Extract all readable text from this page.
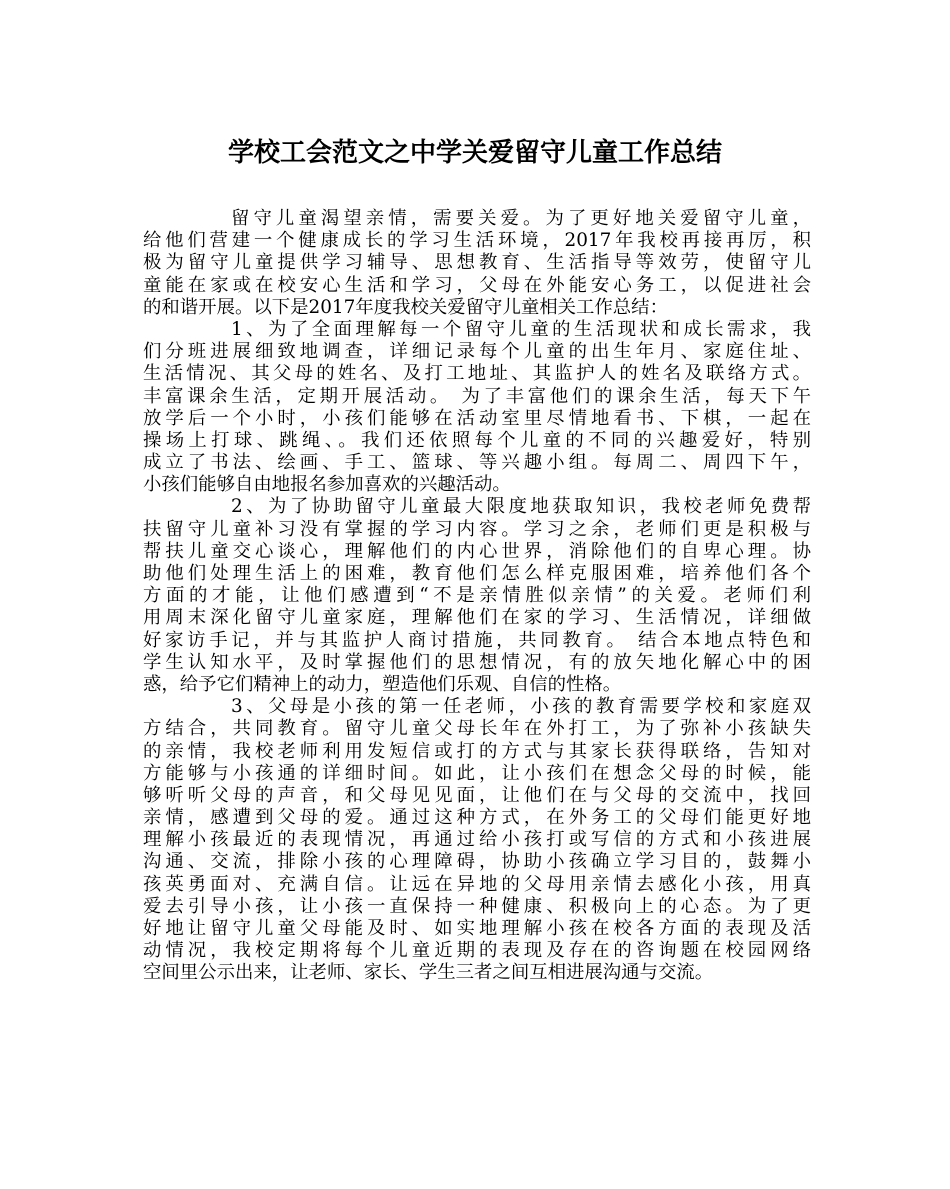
学校工会范文之中学关爱留守儿童工作总结
留守儿童渴望亲情，需要关爱。为了更好地关爱留守儿童，
给他们营建一个健康成长的学习生活环境，2017年我校再接再厉，积
极为留守儿童提供学习辅导、思想教育、生活指导等效劳，使留守儿
童能在家或在校安心生活和学习，父母在外能安心务工，以促进社会
的和谐开展。以下是2017年度我校关爱留守儿童相关工作总结：
1、为了全面理解每一个留守儿童的生活现状和成长需求，我
们分班进展细致地调查，详细记录每个儿童的出生年月、家庭住址、
生活情况、其父母的姓名、及打工地址、其监护人的姓名及联络方式。
丰富课余生活，定期开展活动。 为了丰富他们的课余生活，每天下午
放学后一个小时，小孩们能够在活动室里尽情地看书、下棋，一起在
操场上打球、跳绳、。我们还依照每个儿童的不同的兴趣爱好，特别
成立了书法、绘画、手工、篮球、等兴趣小组。每周二、周四下午，
小孩们能够自由地报名参加喜欢的兴趣活动。
2、为了协助留守儿童最大限度地获取知识，我校老师免费帮
扶留守儿童补习没有掌握的学习内容。学习之余，老师们更是积极与
帮扶儿童交心谈心，理解他们的内心世界，消除他们的自卑心理。协
助他们处理生活上的困难，教育他们怎么样克服困难，培养他们各个
方面的才能，让他们感遭到“不是亲情胜似亲情”的关爱。老师们利
用周末深化留守儿童家庭，理解他们在家的学习、生活情况，详细做
好家访手记，并与其监护人商讨措施，共同教育。 结合本地点特色和
学生认知水平，及时掌握他们的思想情况，有的放矢地化解心中的困
惑，给予它们精神上的动力，塑造他们乐观、自信的性格。
3、父母是小孩的第一任老师，小孩的教育需要学校和家庭双
方结合，共同教育。留守儿童父母长年在外打工，为了弥补小孩缺失
的亲情，我校老师利用发短信或打的方式与其家长获得联络，告知对
方能够与小孩通的详细时间。如此，让小孩们在想念父母的时候，能
够听听父母的声音，和父母见见面，让他们在与父母的交流中，找回
亲情，感遭到父母的爱。通过这种方式，在外务工的父母们能更好地
理解小孩最近的表现情况，再通过给小孩打或写信的方式和小孩进展
沟通、交流，排除小孩的心理障碍，协助小孩确立学习目的，鼓舞小
孩英勇面对、充满自信。让远在异地的父母用亲情去感化小孩，用真
爱去引导小孩，让小孩一直保持一种健康、积极向上的心态。为了更
好地让留守儿童父母能及时、如实地理解小孩在校各方面的表现及活
动情况，我校定期将每个儿童近期的表现及存在的咨询题在校园网络
空间里公示出来，让老师、家长、学生三者之间互相进展沟通与交流。
